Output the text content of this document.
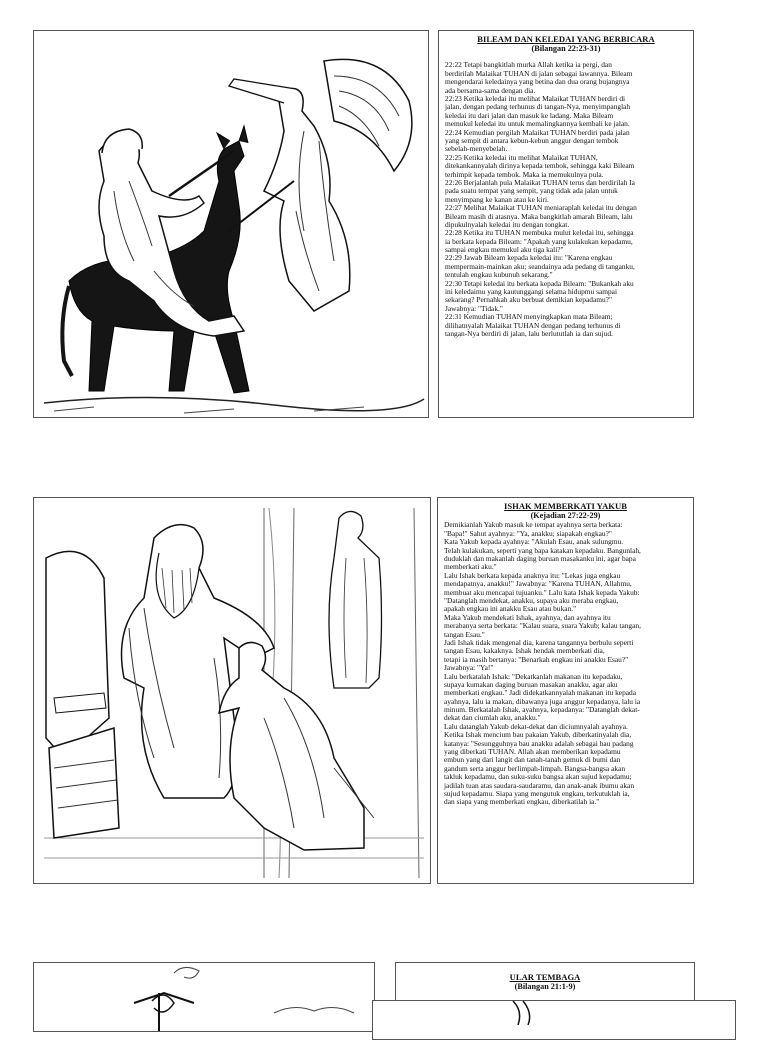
BILEAM DAN KELEDAI YANG BERBICARA
(Bilangan 22:23-31)
22:22 Tetapi bangkitlah murka Allah ketika ia pergi, dan
berdirilah Malaikat TUHAN di jalan sebagai lawannya. Bileam
mengendarai keledainya yang betina dan dua orang bujangnya
ada bersama-sama dengan dia.
22:23 Ketika keledai itu melihat Malaikat TUHAN berdiri di
jalan, dengan pedang terhunus di tangan-Nya, menyimpanglah
keledai itu dari jalan dan masuk ke ladang. Maka Bileam
memukul keledai itu untuk memalingkannya kembali ke jalan.
22:24 Kemudian pergilah Malaikat TUHAN berdiri pada jalan
yang sempit di antara kebun-kebun anggur dengan tembok
sebelah-menyebelah.
22:25 Ketika keledai itu melihat Malaikat TUHAN,
ditekankannyalah dirinya kepada tembok, sehingga kaki Bileam
terhimpit kepada tembok. Maka ia memukulnya pula.
22:26 Berjalanlah pula Malaikat TUHAN terus dan berdirilah Ia
pada suatu tempat yang sempit, yang tidak ada jalan untuk
menyimpang ke kanan atau ke kiri.
22:27 Melihat Malaikat TUHAN meniaraplah keledai itu dengan
Bileam masih di atasnya. Maka bangkitlah amarah Bileam, lalu
dipukulnyalah keledai itu dengan tongkat.
22:28 Ketika itu TUHAN membuka mulut keledai itu, sehingga
ia berkata kepada Bileam: "Apakah yang kulakukan kepadamu,
sampai engkau memukul aku tiga kali?"
22:29 Jawab Bileam kepada keledai itu: "Karena engkau
mempermain-mainkan aku; seandainya ada pedang di tanganku,
tentulah engkau kubunuh sekarang."
22:30 Tetapi keledai itu berkata kepada Bileam: "Bukankah aku
ini keledaimu yang kautunggangi selama hidupmu sampai
sekarang? Pernahkah aku berbuat demikian kepadamu?"
Jawabnya: "Tidak."
22:31 Kemudian TUHAN menyingkapkan mata Bileam;
dilihatnyalah Malaikat TUHAN dengan pedang terhunus di
tangan-Nya berdiri di jalan, lalu berlututlah ia dan sujud.
ISHAK MEMBERKATI YAKUB
(Kejadian 27:22-29)
Demikianlah Yakub masuk ke tempat ayahnya serta berkata:
"Bapa!" Sahut ayahnya: "Ya, anakku; siapakah engkau?"
Kata Yakub kepada ayahnya: "Akulah Esau, anak sulungmu.
Telah kulakukan, seperti yang bapa katakan kepadaku. Bangunlah,
duduklah dan makanlah daging buruan masakanku ini, agar bapa
memberkati aku."
Lalu Ishak berkata kepada anaknya itu: "Lekas juga engkau
mendapatnya, anakku!" Jawabnya: "Karena TUHAN, Allahmu,
membuat aku mencapai tujuanku." Lalu kata Ishak kepada Yakub:
"Datanglah mendekat, anakku, supaya aku meraba engkau,
apakah engkau ini anakku Esau atau bukan."
Maka Yakub mendekati Ishak, ayahnya, dan ayahnya itu
merabanya serta berkata: "Kalau suara, suara Yakub; kalau tangan,
tangan Esau."
Jadi Ishak tidak mengenal dia, karena tangannya berbulu seperti
tangan Esau, kakaknya. Ishak hendak memberkati dia,
tetapi ia masih bertanya: "Benarkah engkau ini anakku Esau?"
Jawabnya: "Ya!"
Lalu berkatalah Ishak: "Dekatkanlah makanan itu kepadaku,
supaya kumakan daging buruan masakan anakku, agar aku
memberkati engkau." Jadi didekatkannyalah makanan itu kepada
ayahnya, lalu ia makan, dibawanya juga anggur kepadanya, lalu ia
minum. Berkatalah Ishak, ayahnya, kepadanya: "Datanglah dekat-
dekat dan ciumlah aku, anakku."
Lalu datanglah Yakub dekat-dekat dan diciumnyalah ayahnya.
Ketika Ishak mencium bau pakaian Yakub, diberkatinyalah dia,
katanya: "Sesungguhnya bau anakku adalah sebagai bau padang
yang diberkati TUHAN. Allah akan memberikan kepadamu
embun yang dari langit dan tanah-tanah gemuk di bumi dan
gandum serta anggur berlimpah-limpah. Bangsa-bangsa akan
takluk kepadamu, dan suku-suku bangsa akan sujud kepadamu;
jadilah tuan atas saudara-saudaramu, dan anak-anak ibumu akan
sujud kepadamu. Siapa yang mengutuk engkau, terkutuklah ia,
dan siapa yang memberkati engkau, diberkatilah ia."
ULAR TEMBAGA
(Bilangan 21:1-9)
